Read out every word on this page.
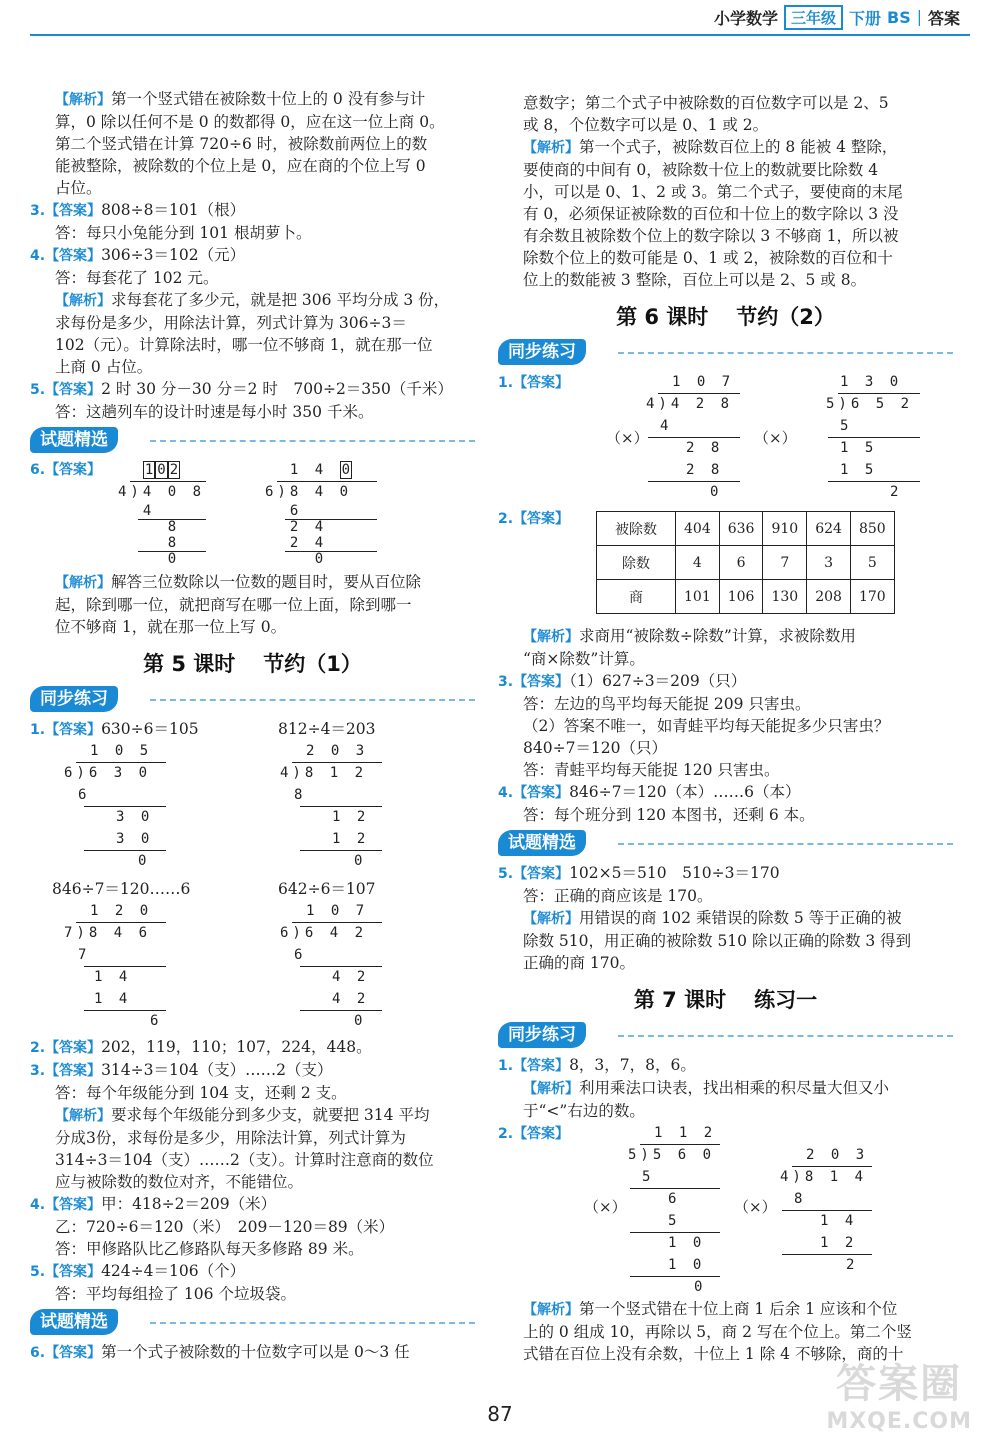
小学数学 三年级 下册 BS | 答案

【解析】第一个竖式错在被除数十位上的 0 没有参与计

算，0 除以任何不是 0 的数都得 0，应在这一位上商 0。

第二个竖式错在计算 720÷6 时，被除数前两位上的数

能被整除，被除数的个位上是 0，应在商的个位上写 0

占位。

3.【答案】808÷8＝101（根）

答：每只小兔能分到 101 根胡萝卜。

4.【答案】306÷3＝102（元）

答：每套花了 102 元。

【解析】求每套花了多少元，就是把 306 平均分成 3 份，

求每份是多少，用除法计算，列式计算为 306÷3＝

102（元）。计算除法时，哪一位不够商 1，就在那一位

上商 0 占位。

5.【答案】2 时 30 分－30 分＝2 时　700÷2＝350（千米）

答：这趟列车的设计时速是每小时 350 千米。

试题精选
6.【答案】	1 0 2
4)4 0 8
4
8
8
0
1 4 0
6)8 4 0
6
2 4
2 4
0

【解析】解答三位数除以一位数的题目时，要从百位除

起，除到哪一位，就把商写在哪一位上面，除到哪一

位不够商 1，就在那一位上写 0。

第 5 课时 节约（1）
同步练习
1.【答案】630÷6＝105	812÷4＝203
1 0 5
6)6 3 0
6
3 0
3 0
0
2 0 3
4)8 1 2
8
1 2
1 2
0
846÷7＝120……6	642÷6＝107
1 2 0
7)8 4 6
7
1 4
1 4
6
1 0 7
6)6 4 2
6
4 2
4 2
0

2.【答案】202，119，110；107，224，448。

3.【答案】314÷3＝104（支）……2（支）

答：每个年级能分到 104 支，还剩 2 支。

【解析】要求每个年级能分到多少支，就要把 314 平均

分成3份，求每份是多少，用除法计算，列式计算为

314÷3＝104（支）……2（支）。计算时注意商的数位

应与被除数的数位对齐，不能错位。

4.【答案】甲：418÷2＝209（米）

乙：720÷6＝120（米）　209－120＝89（米）

答：甲修路队比乙修路队每天多修路 89 米。

5.【答案】424÷4＝106（个）

答：平均每组捡了 106 个垃圾袋。

试题精选

6.【答案】第一个式子被除数的十位数字可以是 0～3 任

意数字；第二个式子中被除数的百位数字可以是 2、5

或 8，个位数字可以是 0、1 或 2。

【解析】第一个式子，被除数百位上的 8 能被 4 整除，

要使商的中间有 0，被除数十位上的数就要比除数 4

小，可以是 0、1、2 或 3。第二个式子，要使商的末尾

有 0，必须保证被除数的百位和十位上的数字除以 3 没

有余数且被除数个位上的数字除以 3 不够商 1，所以被

除数个位上的数可能是 0、1 或 2，被除数的百位和十

位上的数能被 3 整除，百位上可以是 2、5 或 8。

第 6 课时 节约（2）
同步练习
1.【答案】
（×）
1 0 7
4)4 2 8
4
2 8
2 8
0
（×）
1 3 0
5)6 5 2
5
1 5
1 5
2
2.【答案】
被除数	404	636	910	624	850
除数	4	6	7	3	5
商	101	106	130	208	170

【解析】求商用“被除数÷除数”计算，求被除数用

“商×除数”计算。

3.【答案】（1）627÷3＝209（只）

答：左边的鸟平均每天能捉 209 只害虫。

（2）答案不唯一，如青蛙平均每天能捉多少只害虫？

840÷7＝120（只）

答：青蛙平均每天能捉 120 只害虫。

4.【答案】846÷7＝120（本）……6（本）

答：每个班分到 120 本图书，还剩 6 本。

试题精选

5.【答案】102×5＝510　510÷3＝170

答：正确的商应该是 170。

【解析】用错误的商 102 乘错误的除数 5 等于正确的被

除数 510，用正确的被除数 510 除以正确的除数 3 得到

正确的商 170。

第 7 课时 练习一
同步练习

1.【答案】8，3，7，8，6。

【解析】利用乘法口诀表，找出相乘的积尽量大但又小

于“<”右边的数。

2.【答案】
（×）
1 1 2
5)5 6 0
5
6
5
1 0
1 0
0
（×）
2 0 3
4)8 1 4
8
1 4
1 2
2

【解析】第一个竖式错在十位上商 1 后余 1 应该和个位

上的 0 组成 10，再除以 5，商 2 写在个位上。第二个竖

式错在百位上没有余数，十位上 1 除 4 不够除，商的十

87
答案圈
MXQE.COM
